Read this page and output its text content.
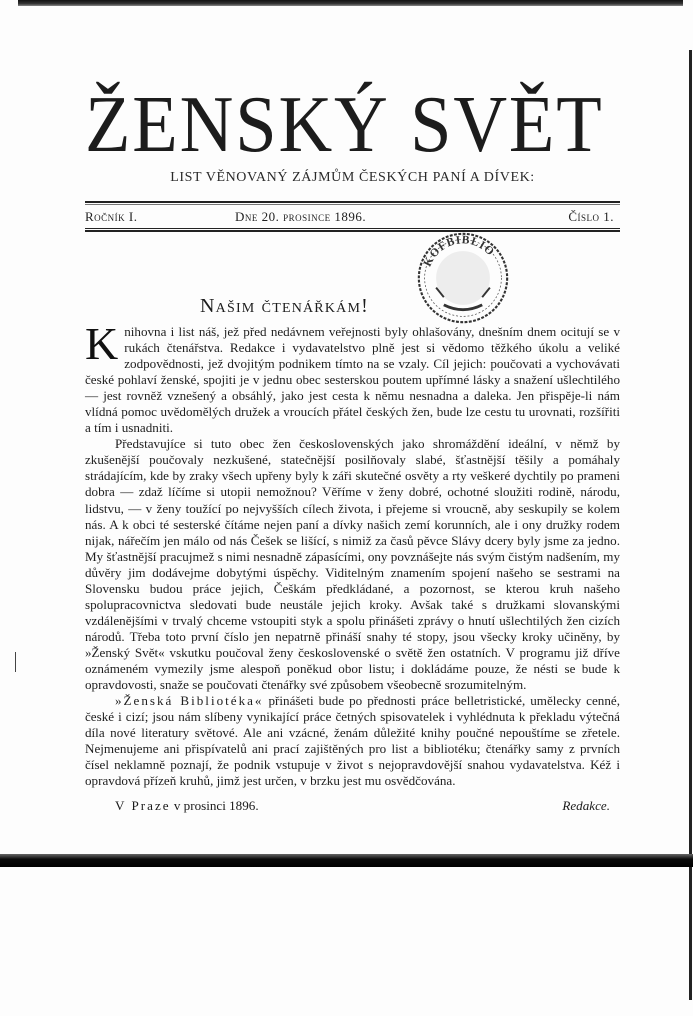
ŽENSKÝ SVĚT
LIST VĚNOVANÝ ZÁJMŮM ČESKÝCH PANÍ A DÍVEK:
Ročník I.	Dne 20. prosince 1896.	Číslo 1.
KOFBIBLIO
Našim čtenářkám!

Knihovna i list náš, jež před nedávnem veřejnosti byly ohlašovány, dnešním dnem ocitují se v rukách čtenářstva. Redakce i vydavatelstvo plně jest si vědomo těžkého úkolu a veliké zodpovědnosti, jež dvojitým podnikem tímto na se vzaly. Cíl jejich: poučovati a vychovávati české pohlaví ženské, spojiti je v jednu obec sesterskou poutem upřímné lásky a snažení ušlechtilého — jest rovněž vznešený a obsáhlý, jako jest cesta k němu nesnadna a daleka. Jen přispěje-li nám vlídná pomoc uvědomělých družek a vroucích přátel českých žen, bude lze cestu tu urovnati, rozšířiti a tím i usnadniti.

Představujíce si tuto obec žen československých jako shromáždění ideální, v němž by zkušenější poučovaly nezkušené, statečnější posilňovaly slabé, šťastnější těšily a pomáhaly strádajícím, kde by zraky všech upřeny byly k záři skutečné osvěty a rty veškeré dychtily po prameni dobra — zdaž líčíme si utopii nemožnou? Věříme v ženy dobré, ochotné sloužiti rodině, národu, lidstvu, — v ženy toužící po nejvyšších cílech života, i přejeme si vroucně, aby seskupily se kolem nás. A k obci té sesterské čítáme nejen paní a dívky našich zemí korunních, ale i ony družky rodem nijak, nářečím jen málo od nás Češek se lišící, s nimiž za časů pěvce Slávy dcery byly jsme za jedno. My šťastnější pracujmež s nimi nesnadně zápasícími, ony povznášejte nás svým čistým nadšením, my důvěry jim dodávejme dobytými úspěchy. Viditelným znamením spojení našeho se sestrami na Slovensku budou práce jejich, Češkám předkládané, a pozornost, se kterou kruh našeho spolupracovnictva sledovati bude neustále jejich kroky. Avšak také s družkami slovanskými vzdálenějšími v trvalý chceme vstoupiti styk a spolu přinášeti zprávy o hnutí ušlechtilých žen cizích národů. Třeba toto první číslo jen nepatrně přináší snahy té stopy, jsou všecky kroky učiněny, by »Ženský Svět« vskutku poučoval ženy československé o světě žen ostatních. V programu již dříve oznámeném vymezily jsme alespoň poněkud obor listu; i dokládáme pouze, že nésti se bude k opravdovosti, snaže se poučovati čtenářky své způsobem všeobecně srozumitelným.

»Ženská Bibliotéka« přinášeti bude po přednosti práce belletristické, umělecky cenné, české i cizí; jsou nám slíbeny vynikající práce četných spisovatelek i vyhlédnuta k překladu výtečná díla nové literatury světové. Ale ani vzácné, ženám důležité knihy poučné nepouštíme se zřetele. Nejmenujeme ani přispívatelů ani prací zajištěných pro list a bibliotéku; čtenářky samy z prvních čísel neklamně poznají, že podnik vstupuje v život s nejopravdovější snahou vydavatelstva. Kéž i opravdová přízeň kruhů, jimž jest určen, v brzku jest mu osvědčována.

V Praze v prosinci 1896.	Redakce.
